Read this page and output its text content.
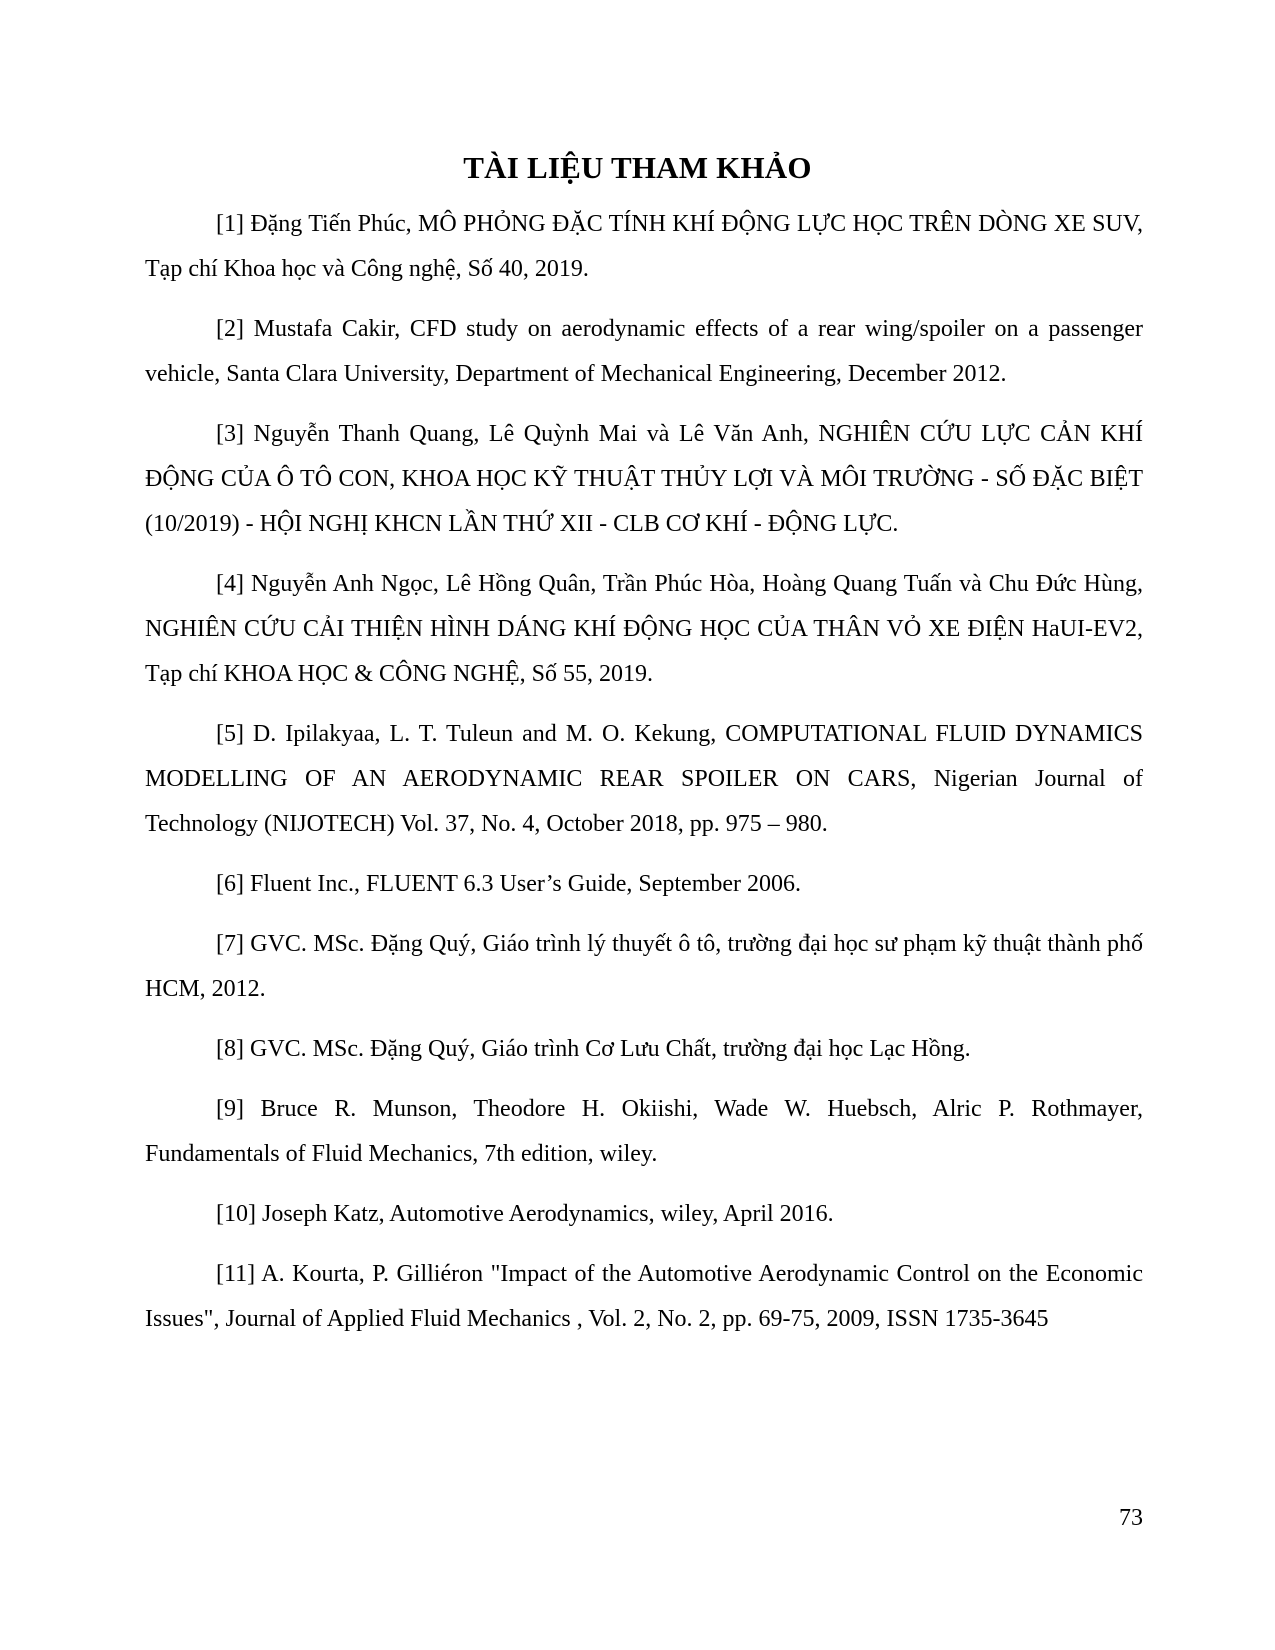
TÀI LIỆU THAM KHẢO

[1] Đặng Tiến Phúc, MÔ PHỎNG ĐẶC TÍNH KHÍ ĐỘNG LỰC HỌC TRÊN DÒNG XE SUV, Tạp chí Khoa học và Công nghệ, Số 40, 2019.

[2] Mustafa Cakir, CFD study on aerodynamic effects of a rear wing/spoiler on a passenger vehicle, Santa Clara University, Department of Mechanical Engineering, December 2012.

[3] Nguyễn Thanh Quang, Lê Quỳnh Mai và Lê Văn Anh, NGHIÊN CỨU LỰC CẢN KHÍ ĐỘNG CỦA Ô TÔ CON, KHOA HỌC KỸ THUẬT THỦY LỢI VÀ MÔI TRƯỜNG - SỐ ĐẶC BIỆT (10/2019) - HỘI NGHỊ KHCN LẦN THỨ XII - CLB CƠ KHÍ - ĐỘNG LỰC.

[4] Nguyễn Anh Ngọc, Lê Hồng Quân, Trần Phúc Hòa, Hoàng Quang Tuấn và Chu Đức Hùng, NGHIÊN CỨU CẢI THIỆN HÌNH DÁNG KHÍ ĐỘNG HỌC CỦA THÂN VỎ XE ĐIỆN HaUI-EV2, Tạp chí KHOA HỌC & CÔNG NGHỆ, Số 55, 2019.

[5] D. Ipilakyaa, L. T. Tuleun and M. O. Kekung, COMPUTATIONAL FLUID DYNAMICS MODELLING OF AN AERODYNAMIC REAR SPOILER ON CARS, Nigerian Journal of Technology (NIJOTECH) Vol. 37, No. 4, October 2018, pp. 975 – 980.

[6] Fluent Inc., FLUENT 6.3 User’s Guide, September 2006.

[7] GVC. MSc. Đặng Quý, Giáo trình lý thuyết ô tô, trường đại học sư phạm kỹ thuật thành phố HCM, 2012.

[8] GVC. MSc. Đặng Quý, Giáo trình Cơ Lưu Chất, trường đại học Lạc Hồng.

[9] Bruce R. Munson, Theodore H. Okiishi, Wade W. Huebsch, Alric P. Rothmayer, Fundamentals of Fluid Mechanics, 7th edition, wiley.

[10] Joseph Katz, Automotive Aerodynamics, wiley, April 2016.

[11] A. Kourta, P. Gilliéron "Impact of the Automotive Aerodynamic Control on the Economic Issues", Journal of Applied Fluid Mechanics , Vol. 2, No. 2, pp. 69-75, 2009, ISSN 1735-3645

73
